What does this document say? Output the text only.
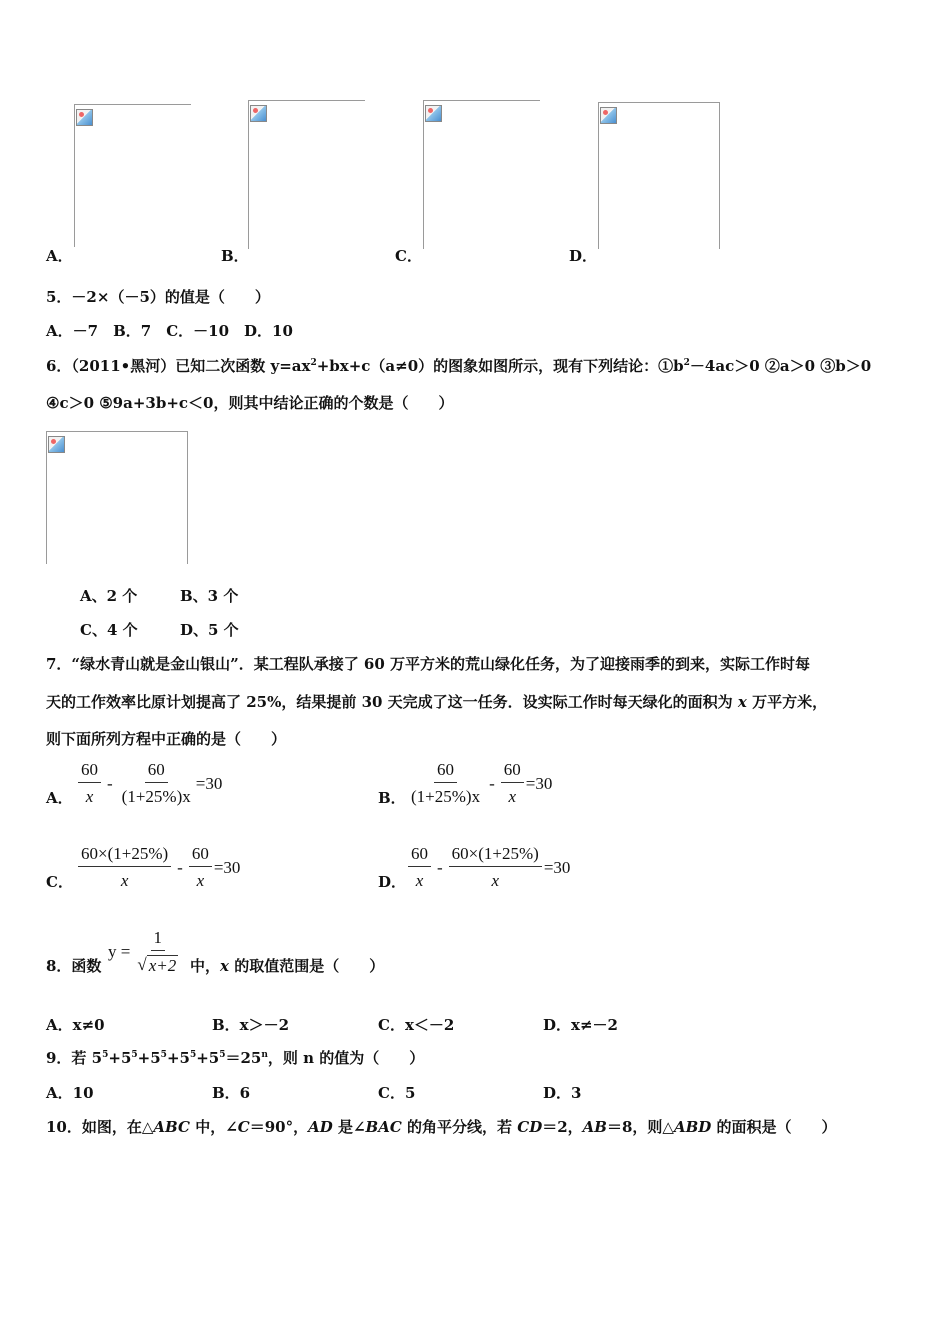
A．	B．	C．	D．
5．－2×（－5）的值是（　　）
A．－7　B．7　C．－10　D．10
6．（2011•黑河）已知二次函数 $y=ax^2+bx+c(a\ne 0)$的图象如图所示，现有下列结论：$①b^2-4ac>0$ ②a＞0 ③b＞0
④c＞0 ⑤9a+3b+c＜0，则其中结论正确的个数是（　　）
A、2 个	B、3 个
C、4 个	D、5 个
7．“绿水青山就是金山银山”．某工程队承接了 60 万平方米的荒山绿化任务，为了迎接雨季的到来，实际工作时每
天的工作效率比原计划提高了 25%，结果提前 30 天完成了这一任务．设实际工作时每天绿化的面积为 x 万平方米，
则下面所列方程中正确的是（　　）
A． $\frac{60}{x} - \frac{60}{(1+25\%)x} =30$
B． $\frac{60}{(1+25\%)x} - \frac{60}{x} =30$
C． $\frac{60\times(1+25\%)}{x} - \frac{60}{x} =30$
D． $\frac{60}{x} - \frac{60\times(1+25\%)}{x} =30$
8．函数
$y = \frac{1}{√ x+2}$ 中，x 的取值范围是（　　）
A．x≠0	B．x＞－2	C．x＜－2	D．x≠－2
9．若 $5^5+5^5+5^5+5^5+5^5=25^n$，则 n 的值为（　　）
A．10	B．6	C．5	D．3
10．如图，在△ABC 中，∠C＝90°，AD 是∠BAC 的角平分线，若 CD＝2，AB＝8，则△ABD 的面积是（　　）
